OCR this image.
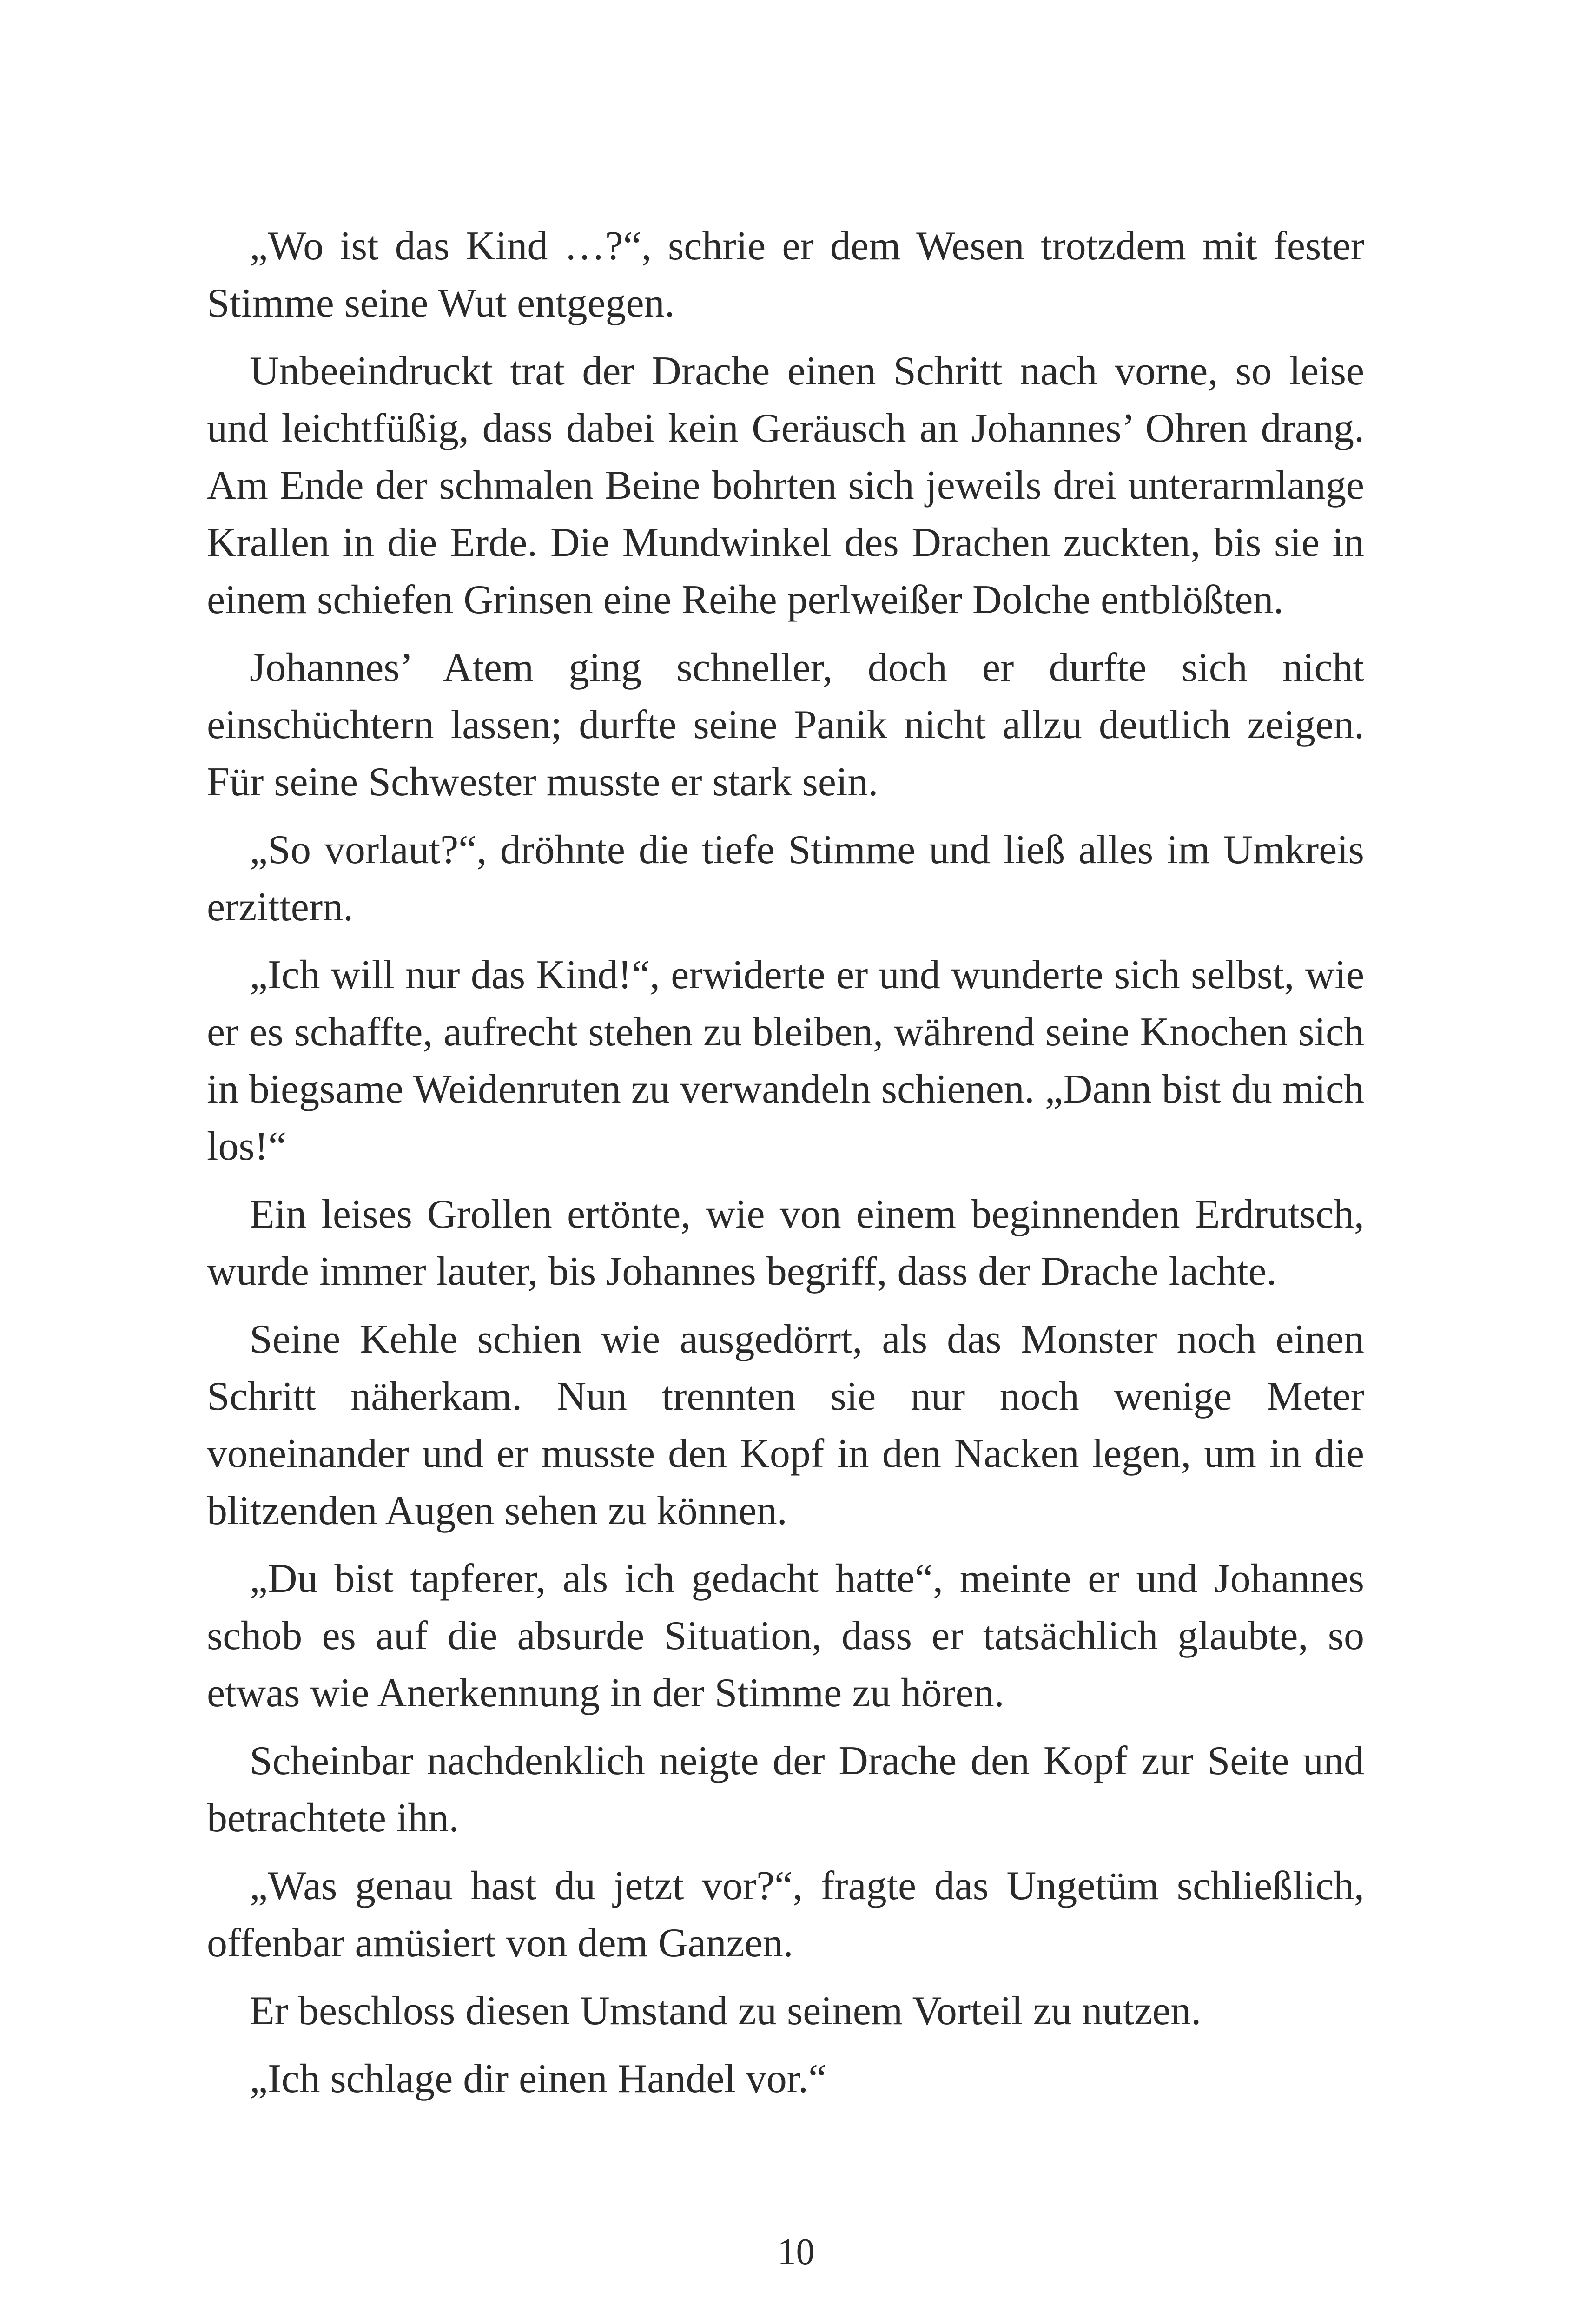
„Wo ist das Kind …?“, schrie er dem Wesen trotzdem mit fester Stimme seine Wut entgegen.

Unbeeindruckt trat der Drache einen Schritt nach vorne, so leise und leichtfüßig, dass dabei kein Geräusch an Johannes’ Ohren drang. Am Ende der schmalen Beine bohrten sich jeweils drei unterarmlange Krallen in die Erde. Die Mundwinkel des Drachen zuckten, bis sie in einem schiefen Grinsen eine Reihe perlweißer Dolche entblößten.

Johannes’ Atem ging schneller, doch er durfte sich nicht einschüchtern lassen; durfte seine Panik nicht allzu deutlich zeigen. Für seine Schwester musste er stark sein.

„So vorlaut?“, dröhnte die tiefe Stimme und ließ alles im Umkreis erzittern.

„Ich will nur das Kind!“, erwiderte er und wunderte sich selbst, wie er es schaffte, aufrecht stehen zu bleiben, während seine Knochen sich in biegsame Weidenruten zu verwandeln schienen. „Dann bist du mich los!“

Ein leises Grollen ertönte, wie von einem beginnenden Erdrutsch, wurde immer lauter, bis Johannes begriff, dass der Drache lachte.

Seine Kehle schien wie ausgedörrt, als das Monster noch einen Schritt näherkam. Nun trennten sie nur noch wenige Meter voneinander und er musste den Kopf in den Nacken legen, um in die blitzenden Augen sehen zu können.

„Du bist tapferer, als ich gedacht hatte“, meinte er und Johannes schob es auf die absurde Situation, dass er tatsächlich glaubte, so etwas wie Anerkennung in der Stimme zu hören.

Scheinbar nachdenklich neigte der Drache den Kopf zur Seite und betrachtete ihn.

„Was genau hast du jetzt vor?“, fragte das Ungetüm schließlich, offenbar amüsiert von dem Ganzen.

Er beschloss diesen Umstand zu seinem Vorteil zu nutzen.

„Ich schlage dir einen Handel vor.“

10
